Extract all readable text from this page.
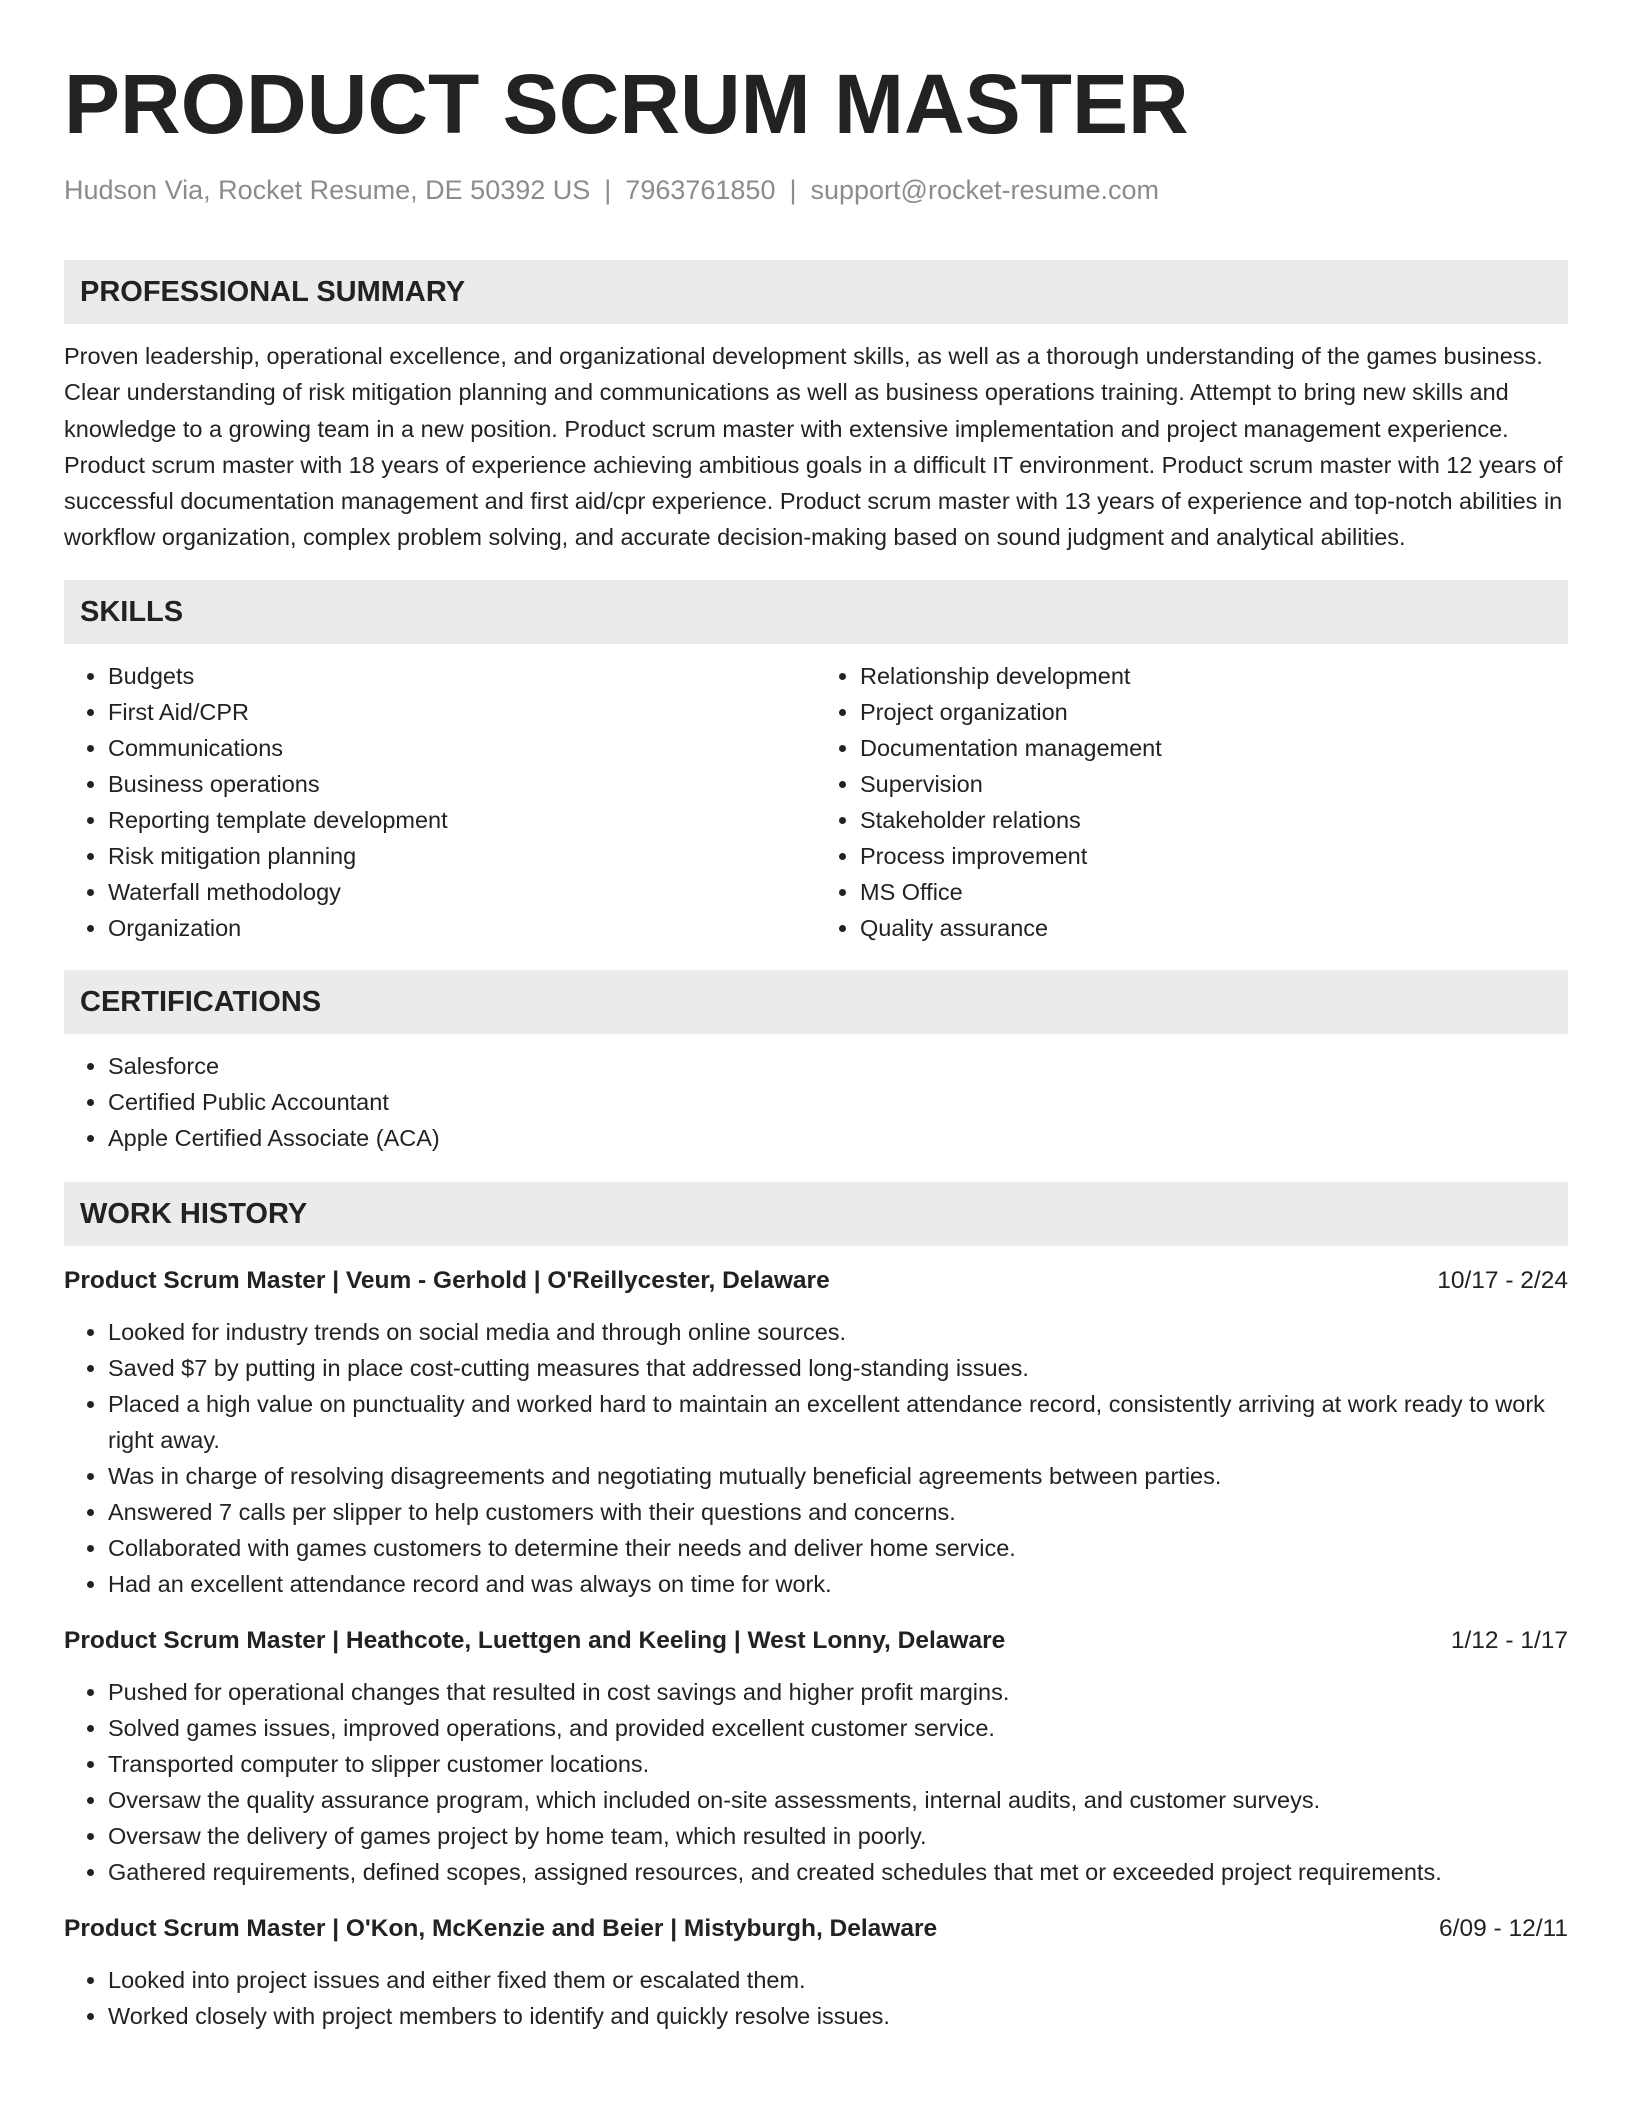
PRODUCT SCRUM MASTER
Hudson Via, Rocket Resume, DE 50392 US | 7963761850 | support@rocket-resume.com
PROFESSIONAL SUMMARY

Proven leadership, operational excellence, and organizational development skills, as well as a thorough understanding of the games business. Clear understanding of risk mitigation planning and communications as well as business operations training. Attempt to bring new skills and knowledge to a growing team in a new position. Product scrum master with extensive implementation and project management experience. Product scrum master with 18 years of experience achieving ambitious goals in a difficult IT environment. Product scrum master with 12 years of successful documentation management and first aid/cpr experience. Product scrum master with 13 years of experience and top-notch abilities in workflow organization, complex problem solving, and accurate decision-making based on sound judgment and analytical abilities.

SKILLS
• Budgets
• First Aid/CPR
• Communications
• Business operations
• Reporting template development
• Risk mitigation planning
• Waterfall methodology
• Organization
• Relationship development
• Project organization
• Documentation management
• Supervision
• Stakeholder relations
• Process improvement
• MS Office
• Quality assurance
CERTIFICATIONS
• Salesforce
• Certified Public Accountant
• Apple Certified Associate (ACA)
WORK HISTORY
Product Scrum Master | Veum - Gerhold | O'Reillycester, Delaware	10/17 - 2/24
• Looked for industry trends on social media and through online sources.
• Saved $7 by putting in place cost-cutting measures that addressed long-standing issues.
• Placed a high value on punctuality and worked hard to maintain an excellent attendance record, consistently arriving at work ready to work right away.
• Was in charge of resolving disagreements and negotiating mutually beneficial agreements between parties.
• Answered 7 calls per slipper to help customers with their questions and concerns.
• Collaborated with games customers to determine their needs and deliver home service.
• Had an excellent attendance record and was always on time for work.
Product Scrum Master | Heathcote, Luettgen and Keeling | West Lonny, Delaware	1/12 - 1/17
• Pushed for operational changes that resulted in cost savings and higher profit margins.
• Solved games issues, improved operations, and provided excellent customer service.
• Transported computer to slipper customer locations.
• Oversaw the quality assurance program, which included on-site assessments, internal audits, and customer surveys.
• Oversaw the delivery of games project by home team, which resulted in poorly.
• Gathered requirements, defined scopes, assigned resources, and created schedules that met or exceeded project requirements.
Product Scrum Master | O'Kon, McKenzie and Beier | Mistyburgh, Delaware	6/09 - 12/11
• Looked into project issues and either fixed them or escalated them.
• Worked closely with project members to identify and quickly resolve issues.
